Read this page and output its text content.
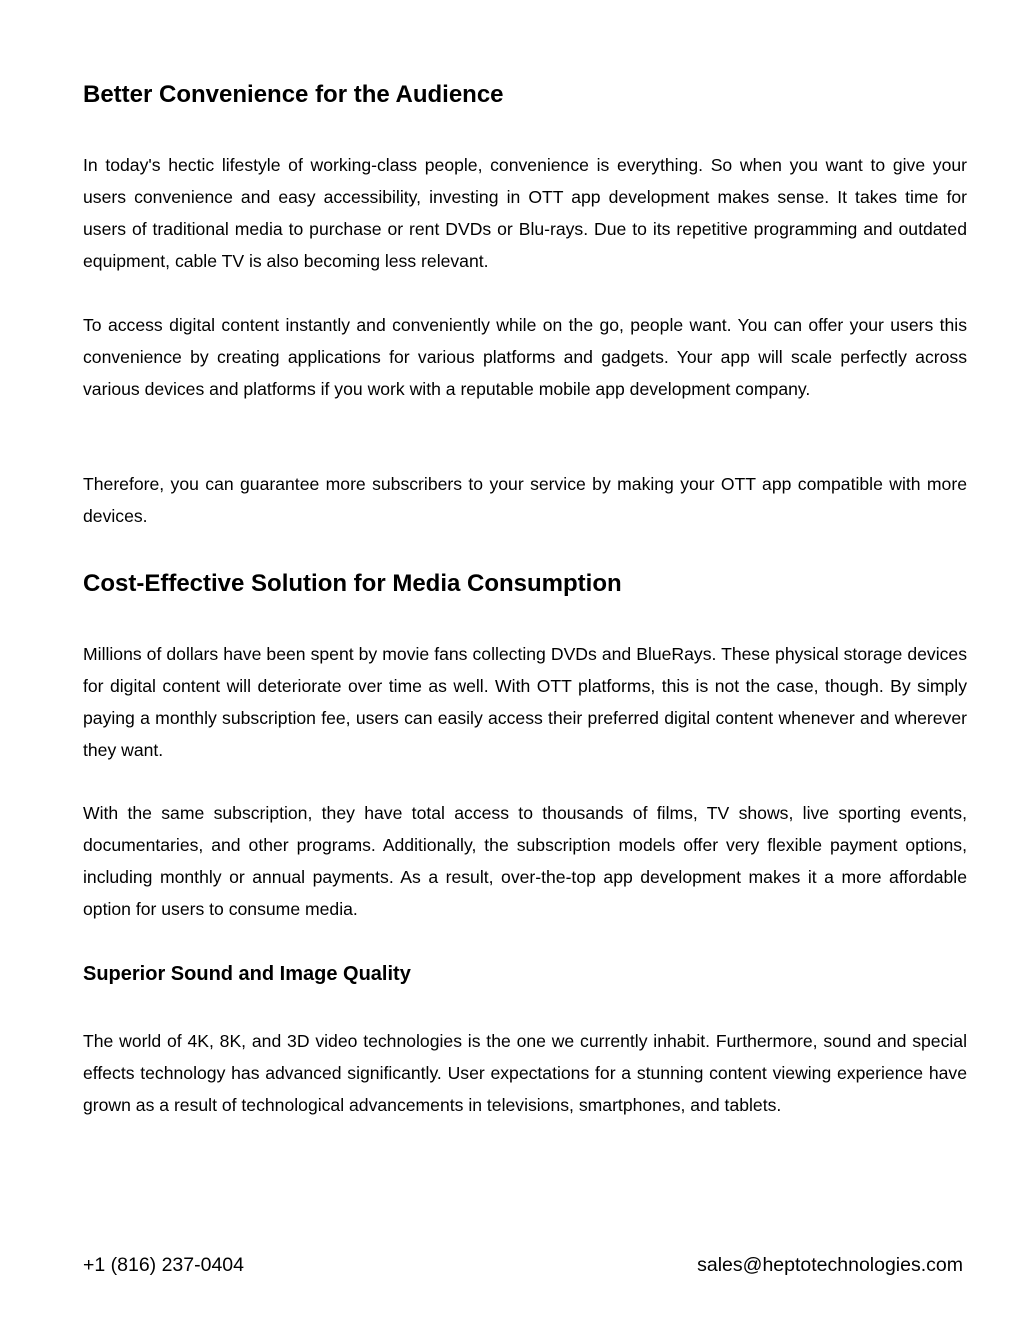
Better Convenience for the Audience

In today's hectic lifestyle of working-class people, convenience is everything. So when you want to give your users convenience and easy accessibility, investing in OTT app development makes sense. It takes time for users of traditional media to purchase or rent DVDs or Blu-rays. Due to its repetitive programming and outdated equipment, cable TV is also becoming less relevant.

To access digital content instantly and conveniently while on the go, people want. You can offer your users this convenience by creating applications for various platforms and gadgets. Your app will scale perfectly across various devices and platforms if you work with a reputable mobile app development company.

Therefore, you can guarantee more subscribers to your service by making your OTT app compatible with more devices.

Cost-Effective Solution for Media Consumption

Millions of dollars have been spent by movie fans collecting DVDs and BlueRays. These physical storage devices for digital content will deteriorate over time as well. With OTT platforms, this is not the case, though. By simply paying a monthly subscription fee, users can easily access their preferred digital content whenever and wherever they want.

With the same subscription, they have total access to thousands of films, TV shows, live sporting events, documentaries, and other programs. Additionally, the subscription models offer very flexible payment options, including monthly or annual payments. As a result, over-the-top app development makes it a more affordable option for users to consume media.

Superior Sound and Image Quality

The world of 4K, 8K, and 3D video technologies is the one we currently inhabit. Furthermore, sound and special effects technology has advanced significantly. User expectations for a stunning content viewing experience have grown as a result of technological advancements in televisions, smartphones, and tablets.

+1 (816) 237-0404	sales@heptotechnologies.com
